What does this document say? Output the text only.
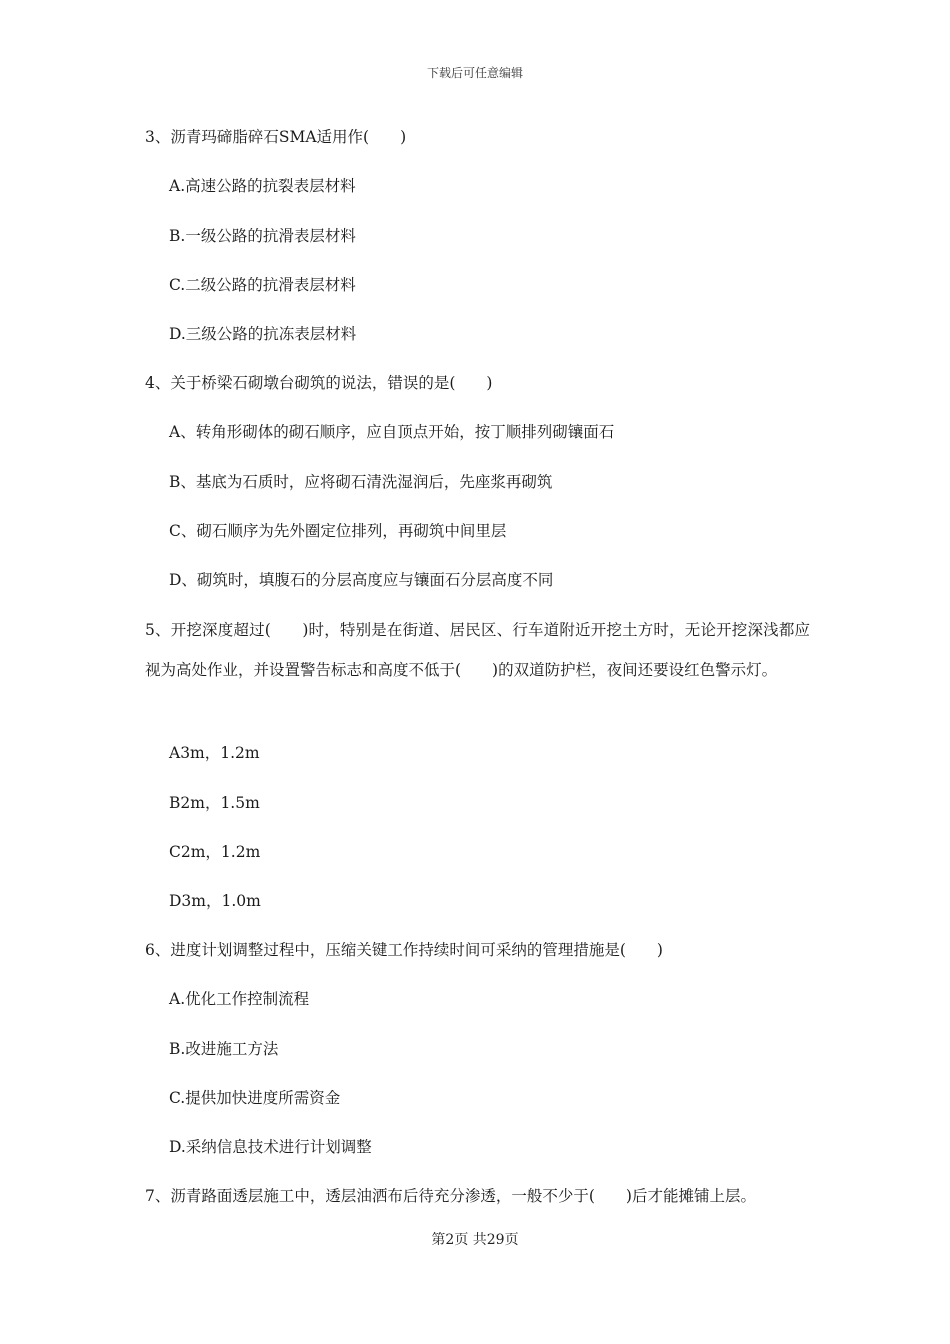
下载后可任意编辑
3、沥青玛碲脂碎石SMA适用作(　　)
A.高速公路的抗裂表层材料
B.一级公路的抗滑表层材料
C.二级公路的抗滑表层材料
D.三级公路的抗冻表层材料
4、关于桥梁石砌墩台砌筑的说法，错误的是(　　)
A、转角形砌体的砌石顺序，应自顶点开始，按丁顺排列砌镶面石
B、基底为石质时，应将砌石清洗湿润后，先座浆再砌筑
C、砌石顺序为先外圈定位排列，再砌筑中间里层
D、砌筑时，填腹石的分层高度应与镶面石分层高度不同
5、开挖深度超过(　　)时，特别是在街道、居民区、行车道附近开挖土方时，无论开挖深浅都应视为高处作业，并设置警告标志和高度不低于(　　)的双道防护栏，夜间还要设红色警示灯。
A3m，1.2m
B2m，1.5m
C2m，1.2m
D3m，1.0m
6、进度计划调整过程中，压缩关键工作持续时间可采纳的管理措施是(　　)
A.优化工作控制流程
B.改进施工方法
C.提供加快进度所需资金
D.采纳信息技术进行计划调整
7、沥青路面透层施工中，透层油洒布后待充分渗透，一般不少于(　　)后才能摊铺上层。
第2页 共29页
